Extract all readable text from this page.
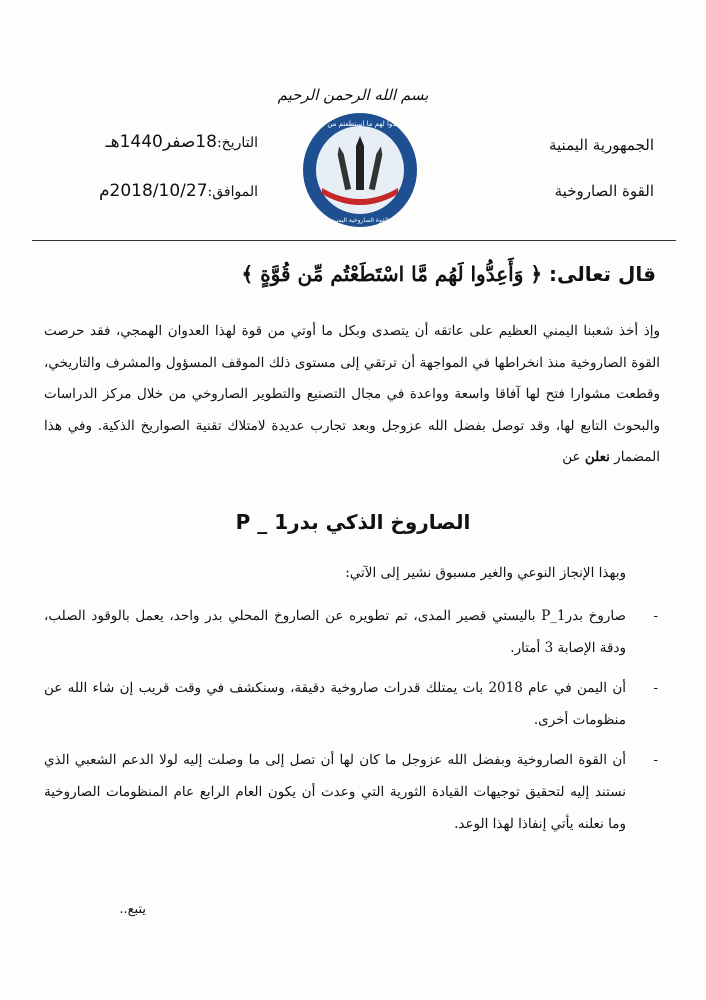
بسم الله الرحمن الرحيم
الجمهورية اليمنية
القوة الصاروخية
وأعدوا لهم ما استطعتم من قوة
القوة الصاروخية اليمنية
التاريخ:18صفر1440هـ
الموافق:2018/10/27م
قال تعالى: ﴿ وَأَعِدُّوا لَهُم مَّا اسْتَطَعْتُم مِّن قُوَّةٍ ﴾
وإذ أخذ شعبنا اليمني العظيم على عاتقه أن يتصدى وبكل ما أوتي من قوة لهذا العدوان الهمجي، فقد حرصت القوة الصاروخية منذ انخراطها في المواجهة أن ترتقي إلى مستوى ذلك الموقف المسؤول والمشرف والتاريخي، وقطعت مشوارا فتح لها آفاقا واسعة وواعدة في مجال التصنيع والتطوير الصاروخي من خلال مركز الدراسات والبحوث التابع لها، وقد توصل بفضل الله عزوجل وبعد تجارب عديدة لامتلاك تقنية الصواريخ الذكية. وفي هذا المضمار نعلن عن
الصاروخ الذكي بدر1 _ P
وبهذا الإنجاز النوعي والغير مسبوق نشير إلى الآتي:
-
صاروخ بدر1_P باليستي قصير المدى، تم تطويره عن الصاروخ المحلي بدر واحد، يعمل بالوقود الصلب، ودقة الإصابة 3 أمتار.
-
أن اليمن في عام 2018 بات يمتلك قدرات صاروخية دقيقة، وسنكشف في وقت قريب إن شاء الله عن منظومات أخرى.
-
أن القوة الصاروخية وبفضل الله عزوجل ما كان لها أن تصل إلى ما وصلت إليه لولا الدعم الشعبي الذي نستند إليه لتحقيق توجيهات القيادة الثورية التي وعدت أن يكون العام الرابع عام المنظومات الصاروخية وما نعلنه يأتي إنفاذا لهذا الوعد.
يتبع..
